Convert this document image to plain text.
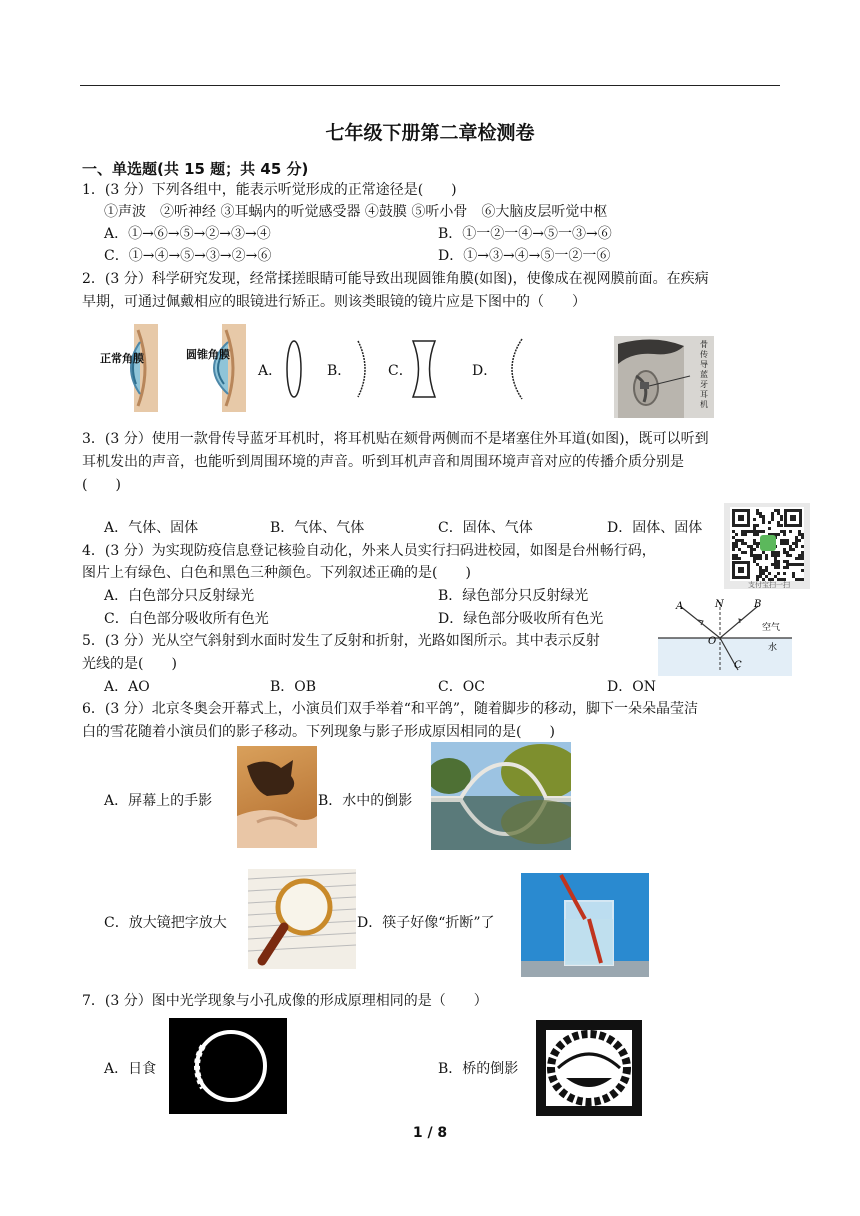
七年级下册第二章检测卷
一、单选题(共 15 题；共 45 分)
1．(3 分）下列各组中，能表示听觉形成的正常途径是(　　)
①声波　②听神经 ③耳蜗内的听觉感受器 ④鼓膜 ⑤听小骨　⑥大脑皮层听觉中枢
A．①→⑥→⑤→②→③→④	B．①一②一④→⑤一③→⑥
C．①→④→⑤→③→②→⑥	D．①→③→④→⑤一②一⑥
2．(3 分）科学研究发现，经常揉搓眼睛可能导致出现圆锥角膜(如图)，使像成在视网膜前面。在疾病
早期，可通过佩戴相应的眼镜进行矫正。则该类眼镜的镜片应是下图中的（　　）
正常角膜	圆锥角膜
A．	B．	C．	D．
骨传导蓝牙耳机
3．(3 分）使用一款骨传导蓝牙耳机时，将耳机贴在颏骨两侧而不是堵塞住外耳道(如图)，既可以听到
耳机发出的声音，也能听到周围环境的声音。听到耳机声音和周围环境声音对应的传播介质分别是
(　　)
A．气体、固体	B．气体、气体	C．固体、气体	D．固体、固体
支付宝扫一扫
4．(3 分）为实现防疫信息登记核验自动化，外来人员实行扫码进校园，如图是台州畅行码，
图片上有绿色、白色和黑色三种颜色。下列叙述正确的是(　　)
A．白色部分只反射绿光	B．绿色部分只反射绿光
C．白色部分吸收所有色光	D．绿色部分吸收所有色光
A	N	B
O
C
空气
水
5．(3 分）光从空气斜射到水面时发生了反射和折射，光路如图所示。其中表示反射
光线的是(　　)
A．AO	B．OB	C．OC	D．ON
6．(3 分）北京冬奥会开幕式上，小演员们双手举着“和平鸽”，随着脚步的移动，脚下一朵朵晶莹洁
白的雪花随着小演员们的影子移动。下列现象与影子形成原因相同的是(　　)
A．屏幕上的手影	B．水中的倒影
C．放大镜把字放大	D．筷子好像“折断”了
7．(3 分）图中光学现象与小孔成像的形成原理相同的是（　　）
A．日食	B．桥的倒影
1 / 8
